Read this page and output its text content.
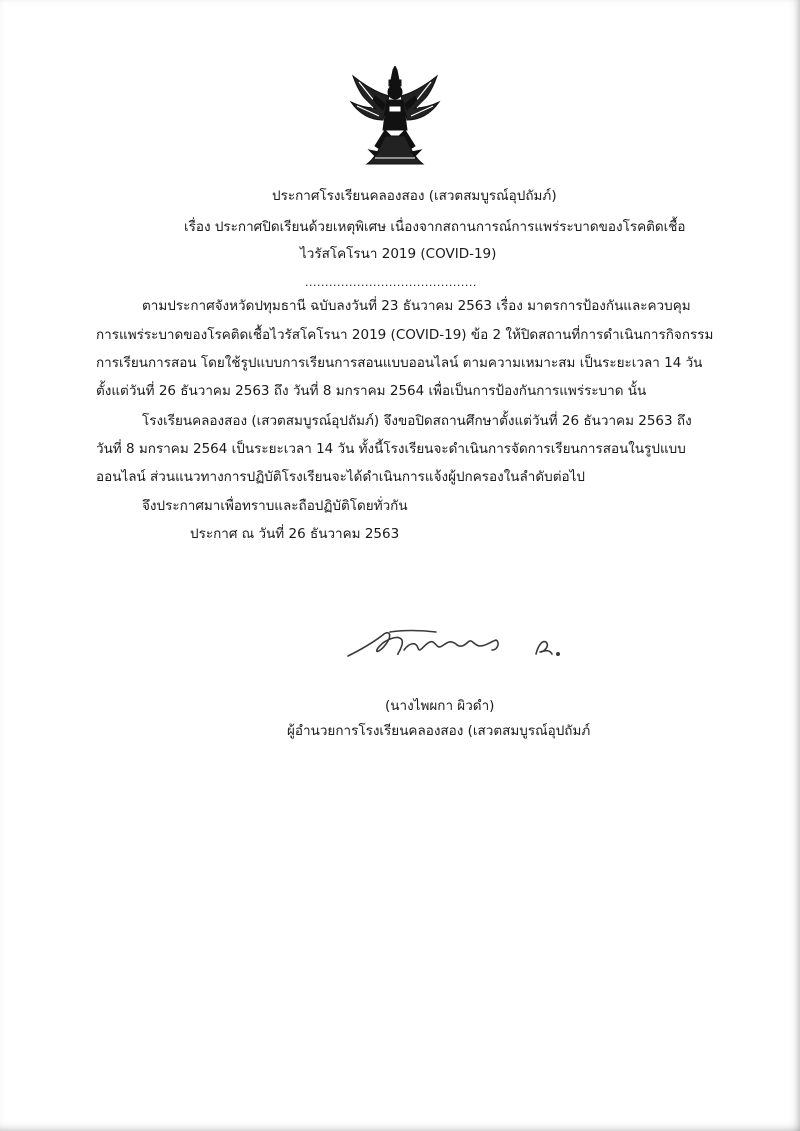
ประกาศโรงเรียนคลองสอง (เสวตสมบูรณ์อุปถัมภ์)
เรื่อง ประกาศปิดเรียนด้วยเหตุพิเศษ เนื่องจากสถานการณ์การแพร่ระบาดของโรคติดเชื้อ
ไวรัสโคโรนา 2019 (COVID-19)
...........................................
ตามประกาศจังหวัดปทุมธานี ฉบับลงวันที่ 23 ธันวาคม 2563 เรื่อง มาตรการป้องกันและควบคุม
การแพร่ระบาดของโรคติดเชื้อไวรัสโคโรนา 2019 (COVID-19) ข้อ 2 ให้ปิดสถานที่การดำเนินการกิจกรรม
การเรียนการสอน โดยใช้รูปแบบการเรียนการสอนแบบออนไลน์ ตามความเหมาะสม เป็นระยะเวลา 14 วัน
ตั้งแต่วันที่ 26 ธันวาคม 2563 ถึง วันที่ 8 มกราคม 2564 เพื่อเป็นการป้องกันการแพร่ระบาด นั้น
โรงเรียนคลองสอง (เสวตสมบูรณ์อุปถัมภ์) จึงขอปิดสถานศึกษาตั้งแต่วันที่ 26 ธันวาคม 2563 ถึง
วันที่ 8 มกราคม 2564 เป็นระยะเวลา 14 วัน ทั้งนี้โรงเรียนจะดำเนินการจัดการเรียนการสอนในรูปแบบ
ออนไลน์ ส่วนแนวทางการปฏิบัติโรงเรียนจะได้ดำเนินการแจ้งผู้ปกครองในลำดับต่อไป
จึงประกาศมาเพื่อทราบและถือปฏิบัติโดยทั่วกัน
ประกาศ ณ วันที่ 26 ธันวาคม 2563
(นางไพผกา ผิวดำ)
ผู้อำนวยการโรงเรียนคลองสอง (เสวตสมบูรณ์อุปถัมภ์
